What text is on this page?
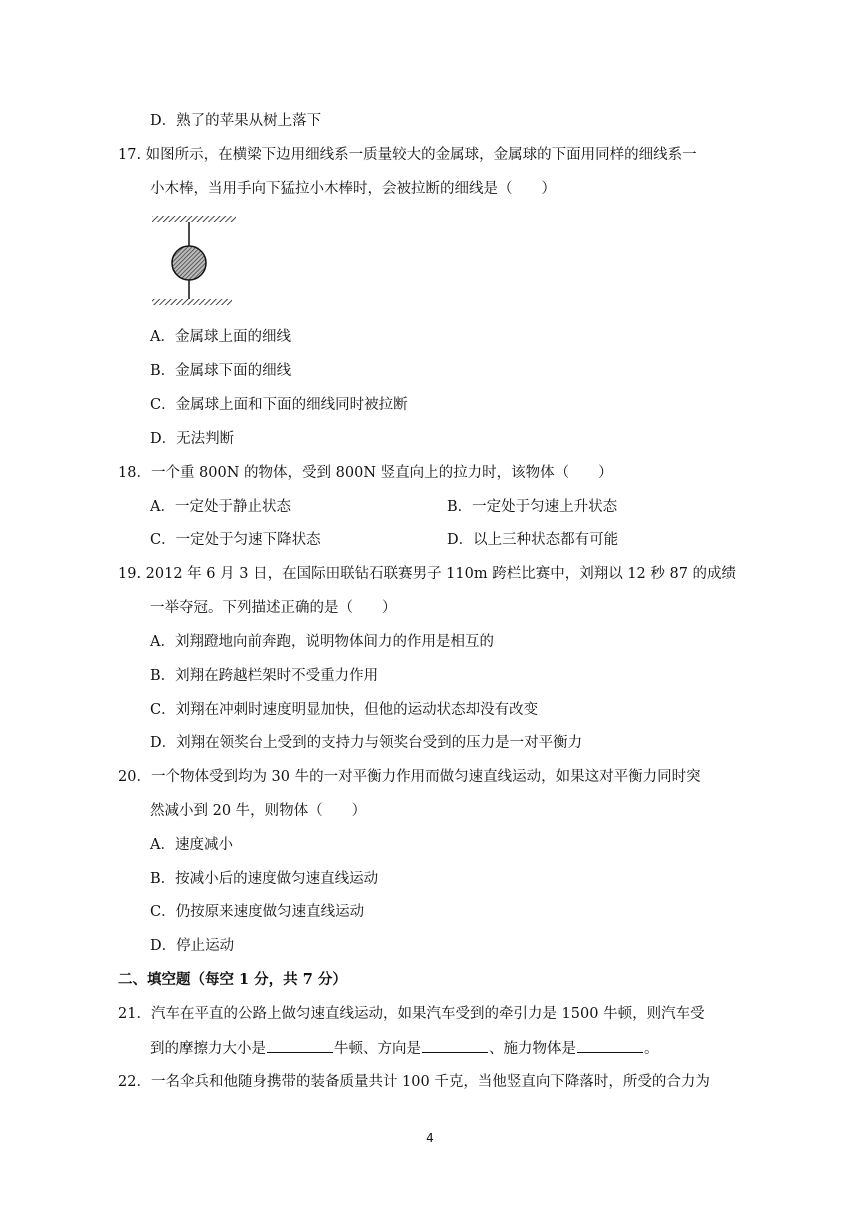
D．熟了的苹果从树上落下
17. 如图所示，在横梁下边用细线系一质量较大的金属球，金属球的下面用同样的细线系一
小木棒，当用手向下猛拉小木棒时，会被拉断的细线是（　　）
A．金属球上面的细线
B．金属球下面的细线
C．金属球上面和下面的细线同时被拉断
D．无法判断
18．一个重 800N 的物体，受到 800N 竖直向上的拉力时，该物体（　　）
A．一定处于静止状态	B．一定处于匀速上升状态
C．一定处于匀速下降状态	D．以上三种状态都有可能
19. 2012 年 6 月 3 日，在国际田联钻石联赛男子 110m 跨栏比赛中，刘翔以 12 秒 87 的成绩
一举夺冠。下列描述正确的是（　　）
A．刘翔蹬地向前奔跑，说明物体间力的作用是相互的
B．刘翔在跨越栏架时不受重力作用
C．刘翔在冲刺时速度明显加快，但他的运动状态却没有改变
D．刘翔在领奖台上受到的支持力与领奖台受到的压力是一对平衡力
20．一个物体受到均为 30 牛的一对平衡力作用而做匀速直线运动，如果这对平衡力同时突
然减小到 20 牛，则物体（　　）
A．速度减小
B．按减小后的速度做匀速直线运动
C．仍按原来速度做匀速直线运动
D．停止运动
二、填空题（每空 1 分，共 7 分）
21．汽车在平直的公路上做匀速直线运动，如果汽车受到的牵引力是 1500 牛顿，则汽车受
到的摩擦力大小是	牛顿、方向是	、施力物体是	。
22．一名伞兵和他随身携带的装备质量共计 100 千克，当他竖直向下降落时，所受的合力为
4
